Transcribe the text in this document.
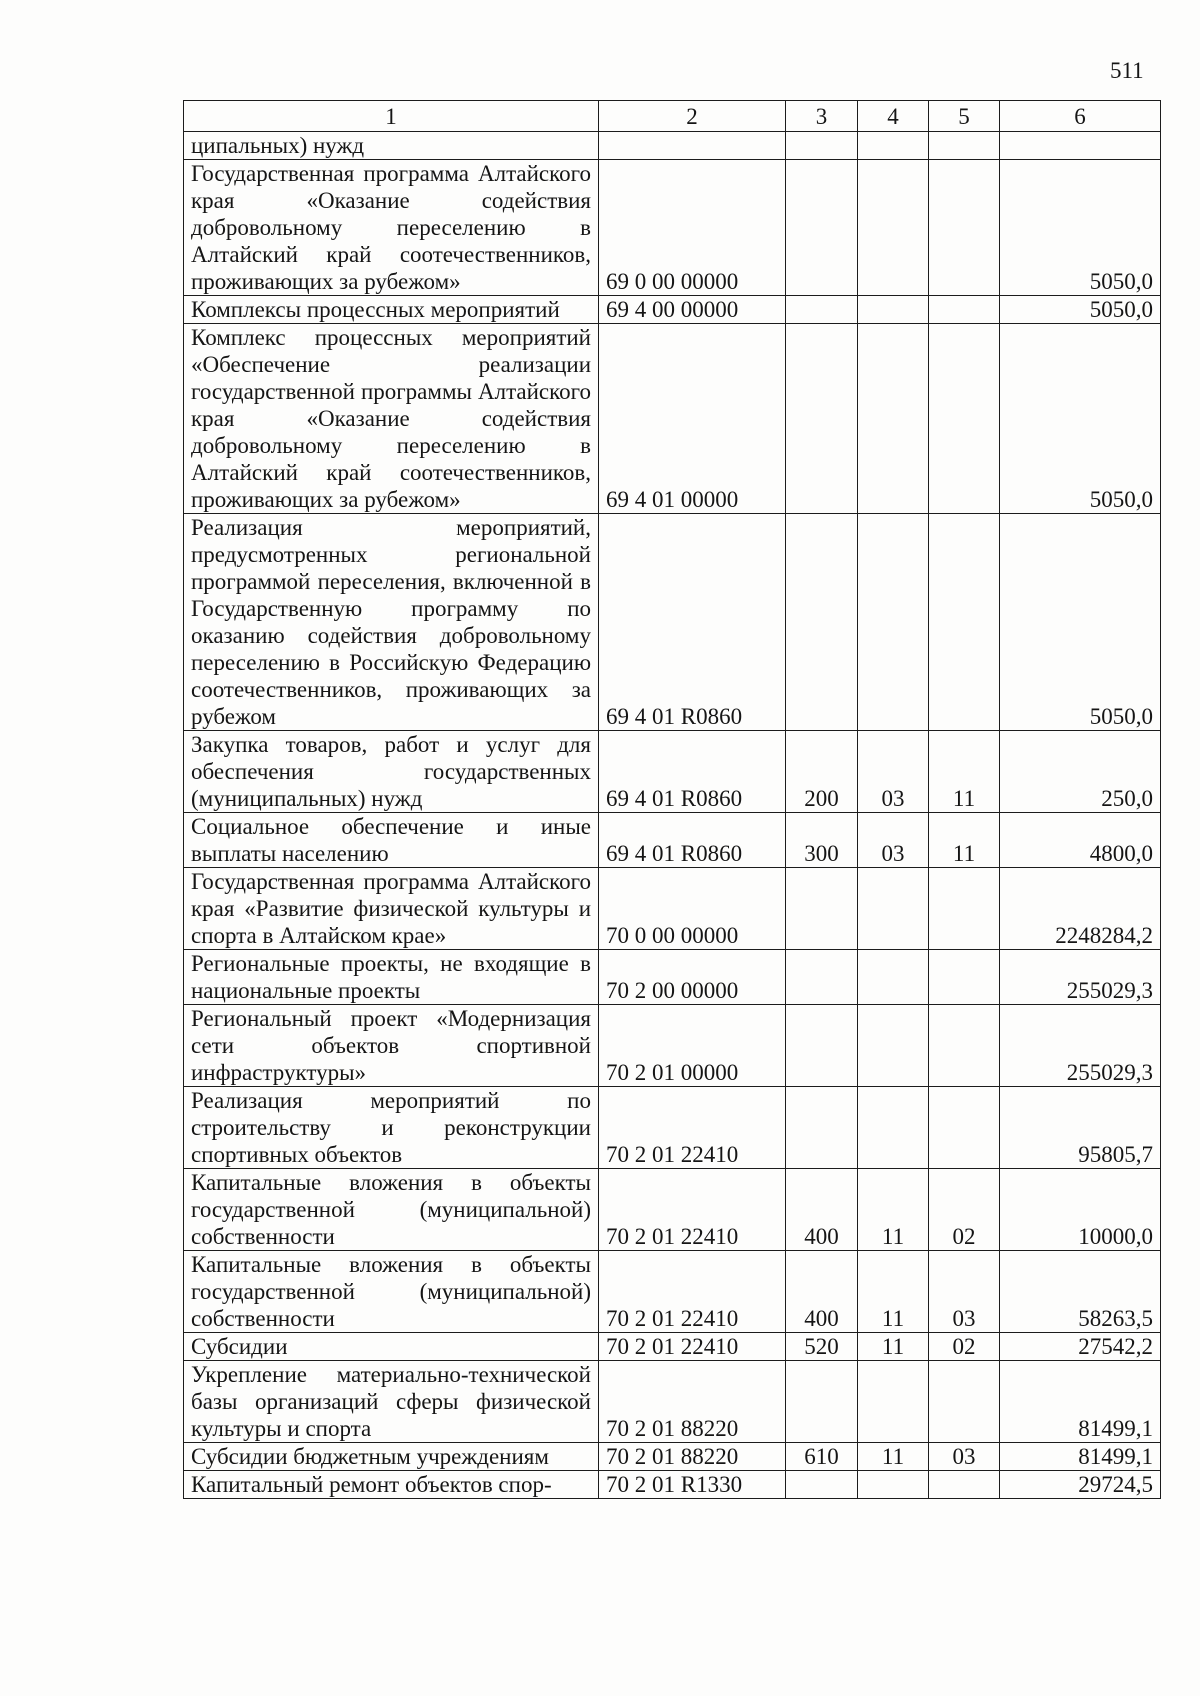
511
1	2	3	4	5	6
ципальных) нужд					
Государственная программа Алтайского края «Оказание содействия добровольному переселению в Алтайский край соотечественников, проживающих за рубежом»	69 0 00 00000				5050,0
Комплексы процессных мероприятий	69 4 00 00000				5050,0
Комплекс процессных мероприятий «Обеспечение реализации государственной программы Алтайского края «Оказание содействия добровольному переселению в Алтайский край соотечественников, проживающих за рубежом»	69 4 01 00000				5050,0
Реализация мероприятий, предусмотренных региональной программой переселения, включенной в Государственную программу по оказанию содействия добровольному переселению в Российскую Федерацию соотечественников, проживающих за рубежом	69 4 01 R0860				5050,0
Закупка товаров, работ и услуг для обеспечения государственных (муниципальных) нужд	69 4 01 R0860	200	03	11	250,0
Социальное обеспечение и иные выплаты населению	69 4 01 R0860	300	03	11	4800,0
Государственная программа Алтайского края «Развитие физической культуры и спорта в Алтайском крае»	70 0 00 00000				2248284,2
Региональные проекты, не входящие в национальные проекты	70 2 00 00000				255029,3
Региональный проект «Модернизация сети объектов спортивной инфраструктуры»	70 2 01 00000				255029,3
Реализация мероприятий по строительству и реконструкции спортивных объектов	70 2 01 22410				95805,7
Капитальные вложения в объекты государственной (муниципальной) собственности	70 2 01 22410	400	11	02	10000,0
Капитальные вложения в объекты государственной (муниципальной) собственности	70 2 01 22410	400	11	03	58263,5
Субсидии	70 2 01 22410	520	11	02	27542,2
Укрепление материально-технической базы организаций сферы физической культуры и спорта	70 2 01 88220				81499,1
Субсидии бюджетным учреждениям	70 2 01 88220	610	11	03	81499,1
Капитальный ремонт объектов спор-	70 2 01 R1330				29724,5
